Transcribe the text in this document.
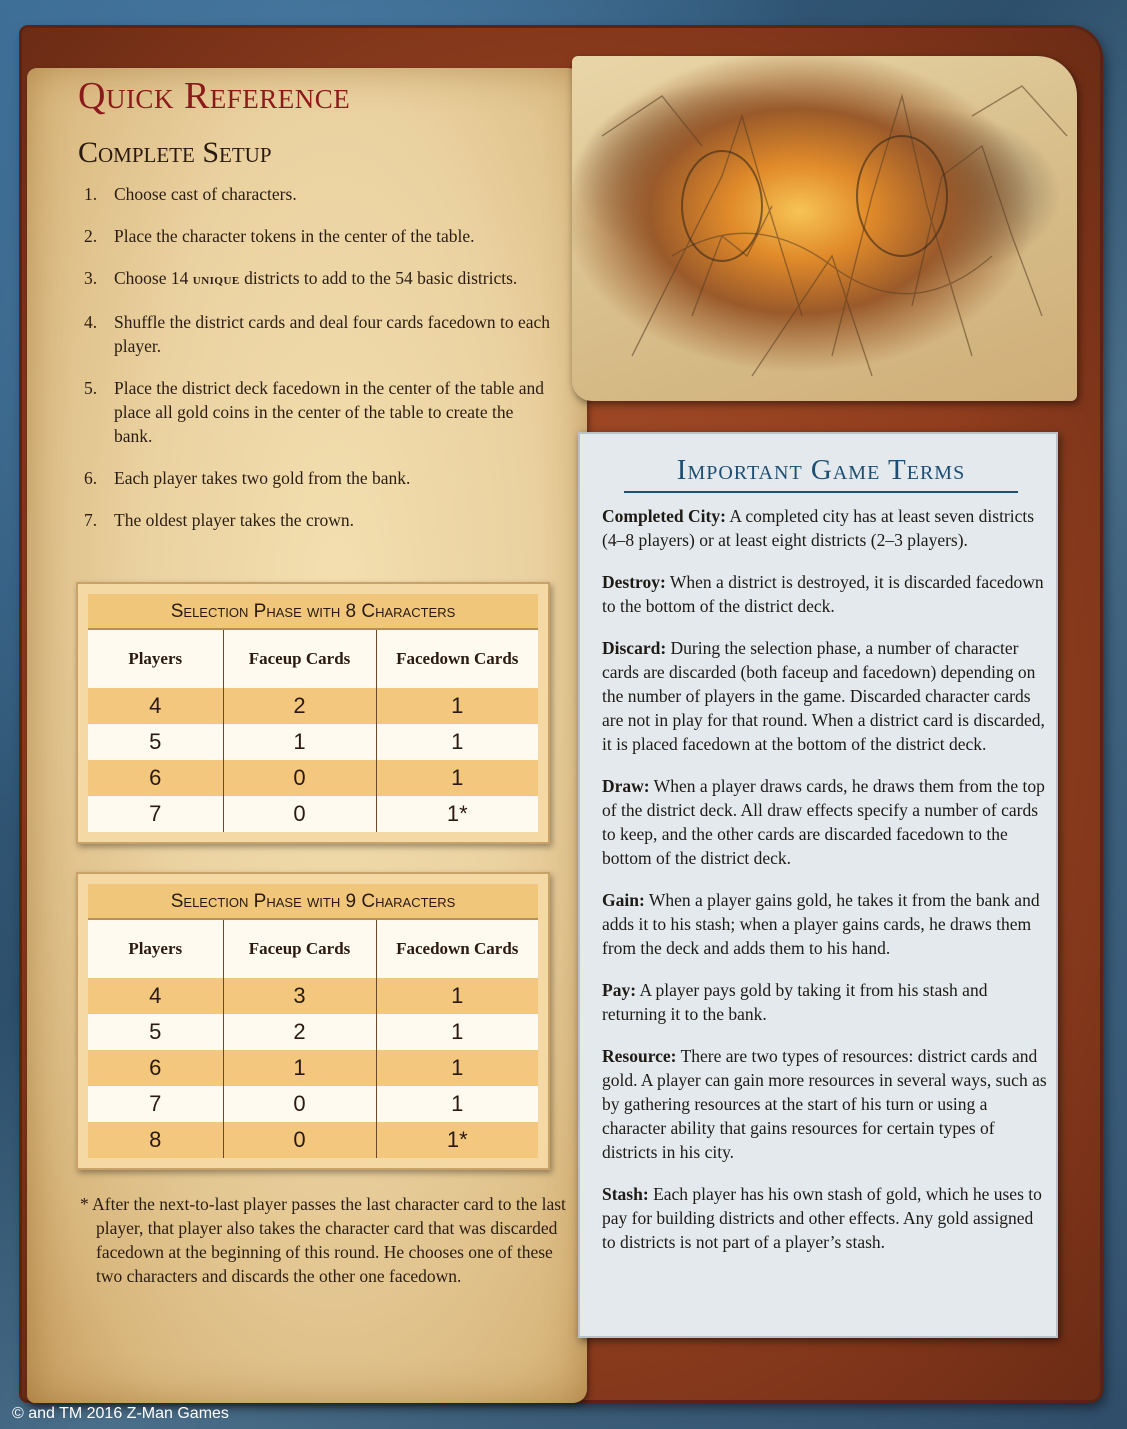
Quick Reference
Complete Setup
1. Choose cast of characters.
2. Place the character tokens in the center of the table.
3. Choose 14 unique districts to add to the 54 basic districts.
4. Shuffle the district cards and deal four cards facedown to each player.
5. Place the district deck facedown in the center of the table and place all gold coins in the center of the table to create the bank.
6. Each player takes two gold from the bank.
7. The oldest player takes the crown.
Selection Phase with 8 Characters
Players	Faceup Cards	Facedown Cards
4	2	1
5	1	1
6	0	1
7	0	1*
Selection Phase with 9 Characters
Players	Faceup Cards	Facedown Cards
4	3	1
5	2	1
6	1	1
7	0	1
8	0	1*

* After the next-to-last player passes the last character card to the last player, that player also takes the character card that was discarded facedown at the beginning of this round. He chooses one of these two characters and discards the other one facedown.

Important Game Terms

Completed City: A completed city has at least seven districts (4–8 players) or at least eight districts (2–3 players).

Destroy: When a district is destroyed, it is discarded facedown to the bottom of the district deck.

Discard: During the selection phase, a number of character cards are discarded (both faceup and facedown) depending on the number of players in the game. Discarded character cards are not in play for that round. When a district card is discarded, it is placed facedown at the bottom of the district deck.

Draw: When a player draws cards, he draws them from the top of the district deck. All draw effects specify a number of cards to keep, and the other cards are discarded facedown to the bottom of the district deck.

Gain: When a player gains gold, he takes it from the bank and adds it to his stash; when a player gains cards, he draws them from the deck and adds them to his hand.

Pay: A player pays gold by taking it from his stash and returning it to the bank.

Resource: There are two types of resources: district cards and gold. A player can gain more resources in several ways, such as by gathering resources at the start of his turn or using a character ability that gains resources for certain types of districts in his city.

Stash: Each player has his own stash of gold, which he uses to pay for building districts and other effects. Any gold assigned to districts is not part of a player’s stash.

© and TM 2016 Z-Man Games
